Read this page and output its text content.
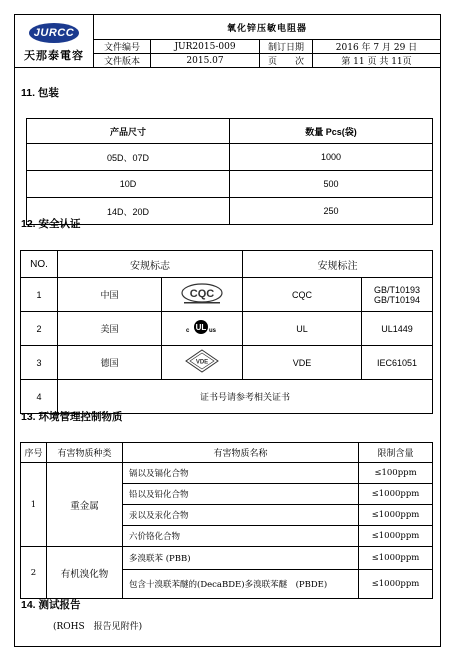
JURCC
天那泰電容	氧化锌压敏电阻器			
	文件编号	JUR2015-009	制订日期	2016 年 7 月 29 日
	文件版本	2015.07	页　　次	第 11 页 共 11页
11. 包装
产品尺寸	数量 Pcs(袋)
05D、07D	1000
10D	500
14D、20D	250
12. 安全认证
NO.	安规标志		安规标注	
1	中国	CQC	CQC	GB/T10193
GB/T10194

2	美国	c UL us	UL	UL1449
3	德国	VDE	VDE	IEC61051
4	证书号请参考相关证书			
13. 环境管理控制物质
序号	有害物质种类	有害物质名称	限制含量
1	重金属	镉以及镉化合物	≤100ppm
		铅以及铅化合物	≤1000ppm
		汞以及汞化合物	≤1000ppm
		六价铬化合物	≤1000ppm
2	有机溴化物	多溴联苯 (PBB)	≤1000ppm
		包含十溴联苯醚的(DecaBDE)多溴联苯醚　(PBDE)	≤1000ppm
14. 测试报告
(ROHS　报告见附件)
